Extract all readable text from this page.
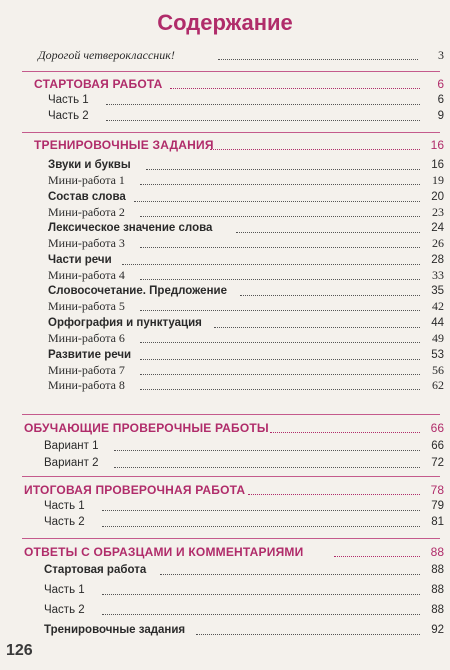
Содержание
Дорогой четвероклассник!	3
СТАРТОВАЯ РАБОТА	6
Часть 1	6
Часть 2	9
ТРЕНИРОВОЧНЫЕ ЗАДАНИЯ	16
Звуки и буквы	16
Мини-работа 1	19
Состав слова	20
Мини-работа 2	23
Лексическое значение слова	24
Мини-работа 3	26
Части речи	28
Мини-работа 4	33
Словосочетание. Предложение	35
Мини-работа 5	42
Орфография и пунктуация	44
Мини-работа 6	49
Развитие речи	53
Мини-работа 7	56
Мини-работа 8	62
ОБУЧАЮЩИЕ ПРОВЕРОЧНЫЕ РАБОТЫ	66
Вариант 1	66
Вариант 2	72
ИТОГОВАЯ ПРОВЕРОЧНАЯ РАБОТА	78
Часть 1	79
Часть 2	81
ОТВЕТЫ С ОБРАЗЦАМИ И КОММЕНТАРИЯМИ	88
Стартовая работа	88
Часть 1	88
Часть 2	88
Тренировочные задания	92
126
